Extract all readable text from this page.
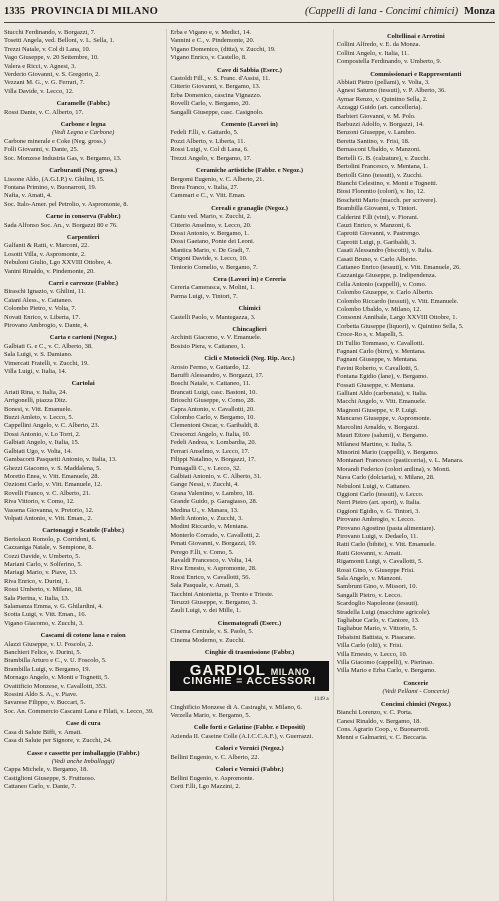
1335 PROVINCIA DI MILANO	(Cappelli di lana - Concimi chimici) Monza
Stucchi Ferdinando, v. Borgazzi, 7.
Tosetti Angela, ved. Belloni, v. L. Sella, 1.
Trezzi Natale, v. Col di Lana, 10.
Vago Giuseppe, v. 20 Settembre, 10.
Valera e Ricci, v. Agnesi, 3.
Verderio Giovanni, v. S. Gregorio, 2.
Vezzani M. G., v. G. Ferrari, 7.
Villa Davide, v. Lecco, 12.
Caramelle (Fabbr.)
Rossi Dante, v. C. Alberto, 17.
Carbone e legna
(Vedi Legna e Carbone)
Carbone minerale e Coke (Neg. gross.)
Folli Giovanni, v. Dante, 25.
Soc. Monzese Industria Gas, v. Bergamo, 13.
Carburanti (Neg. gross.)
Lissone Aldo, (A.G.I.P.) v. Ghilini, 15.
Fontana Primino, v. Buonarroti, 19.
Nafta, v. Amati, 4.
Soc. Italo-Amer. pel Petrolio, v. Aspromonte, 8.
Carne in conserva (Fabbr.)
Sada Alfonso Soc. An., v. Borgazzi 80 e 76.
Carpentieri
Galfanti & Ratti, v. Marconi, 22.
Losotti Villa, v. Aspromonte, 2.
Nebuloni Giulio, Lgo XXVIII Ottobre, 4.
Vanini Rinaldo, v. Pindemonte, 20.
Carri e carrozze (Fabbr.)
Biraschi Ignazio, v. Ghilini, 11.
Caiani Aless., v. Cattaneo.
Colombo Pietro, v. Volta, 7.
Novati Enrico, v. Liberta, 17.
Pirovano Ambrogio, v. Dante, 4.
Carta e cartoni (Negoz.)
Galbiati G. e C., v. C. Alberto, 38.
Sala Luigi, v. S. Damiano.
Vimercati Fratelli, v. Zucchi, 19.
Villa Luigi, v. Italia, 14.
Cartolai
Ariati Rina, v. Italia, 24.
Arrigonelli, piazza Ditz.
Bonesi, v. Vitt. Emanuele.
Buzzi Amleto, v. Lecco, 5.
Cappellini Angelo, v. C. Alberto, 23.
Dossi Antonio, v. Lo Torri, 2.
Galbiati Angelo, v. Italia, 15.
Galbiati Ugo, v. Volta, 14.
Gambacorti Pasquetti Antonio, v. Italia, 13.
Ghezzi Giacomo, v. S. Maddalena, 5.
Moretto Enea, v. Vitt. Emanuele, 28.
Ozziomi Carlo, v. Vitt. Emanuele, 12.
Rovelli Franco, v. C. Alberto, 21.
Riva Vittorio, v. Como, 12.
Vassena Giovanna, v. Pretorio, 12.
Volpati Antonio, v. Vitt. Eman., 2.
Cartonaggi e Scatole (Fabbr.)
Bertolazzi Romolo, p. Corridoni, 6.
Cazzaniga Natale, v. Sempione, 8.
Cozzi Davide, v. Umberto, 5.
Mariani Carlo, v. Solferino, 5.
Mariagi Mario, v. Piave, 13.
Riva Enrico, v. Durini, 1.
Rossi Umberto, v. Milano, 18.
Sala Pierina, v. Italia, 13.
Salamanza Emma, v. G. Ghilardini, 4.
Scotta Luigi, v. Vitt. Eman., 16.
Vigano Giacomo, v. Zucchi, 3.
Cascami di cotone lana e raion
Alazzi Giuseppe, v. U. Foscolo, 2.
Banchieri Felice, v. Durini, 5.
Brambilla Arturo e C., v. U. Foscolo, 5.
Brambilla Luigi, v. Bergamo, 19.
Mornago Angelo, v. Monti e Tognetti, 5.
Ovattificio Monzese, v. Cavallotti, 353.
Rossini Aldo S. A., v. Piave.
Savarese Filippo, v. Buccari, 5.
Soc. An. Commercio Cascami Lana e Filati, v. Lecco, 39.
Case di cura
Casa di Salute Biffi, v. Amati.
Casa di Salute per Signore, v. Zucchi, 24.
Casse e cassette per imballaggio (Fabbr.)
(Vedi anche Imballaggi)
Cappa Michele, v. Bergamo, 18.
Castiglioni Giuseppe, S. Fruttuoso.
Cattaneo Carlo, v. Dante, 7.
Erba e Vigano e, v. Medici, 14.
Vannini e C., v. Pindemonte, 20.
Vigano Domenico, (ditta), v. Zucchi, 19.
Vigano Enrico, v. Castello, 8.
Cave di Sabbia (Eserc.)
Castoldi Fill., v. S. Franc. d'Assisi, 11.
Citterio Giovanni, v. Bergamo, 13.
Erba Domenico, cascina Vignazzo.
Rovelli Carlo, v. Bergamo, 20.
Sangalli Giuseppe, casc. Casignolo.
Cemento (Lavori in)
Fedeli F.lli, v. Gattardo, 5.
Pozzi Alberto, v. Liberta, 11.
Rossi Luigi, v. Col di Lana, 6.
Trezzi Angelo, v. Bergamo, 17.
Ceramiche artistiche (Fabbr. e Negoz.)
Bergomi Eugenio, v. C. Alberto, 21.
Brera Franco, v. Italia, 27.
Cammari e C., v. Vitt. Eman.
Cereali e granaglie (Negoz.)
Cantu ved. Mario, v. Zucchi, 2.
Citterio Anselmo, v. Lecco, 20.
Dossi Antonio, v. Bergamo, 1.
Dossi Gaetano, Ponte dei Leoni.
Mantica Mario, v. De Gradi, 7.
Origoni Davide, v. Lecco, 10.
Tentorio Cornelio, v. Bergamo, 7.
Cera (Lavori in) e Cereria
Cereria Camerasca, v. Molini, 1.
Parma Luigi, v. Tintori, 7.
Chimici
Castelli Paolo, v. Mantegazza, 3.
Chincaglieri
Archinti Giacomo, v. V. Emanuele.
Bosisio Piera, v. Cattaneo, 1.
Cicli e Motocicli (Neg. Rip. Acc.)
Arosio Fermo, v. Gattardo, 12.
Baruffi Alessandro, v. Borgazzi, 17.
Boschi Natale, v. Cattaneo, 11.
Brancati Luigi, casc. Bastoni, 10.
Brioschi Giuseppe, v. Como, 28.
Capra Antonio, v. Cavallotti, 20.
Colombo Carlo, v. Bergamo, 10.
Clementoni Oscar, v. Garibaldi, 8.
Crescenzi Angelo, v. Italia, 10.
Fedeli Andrea, v. Lombardia, 20.
Ferrari Anselmo, v. Lecco, 17.
Filippi Natalino, v. Borgazzi, 17.
Fumagalli C., v. Lecco, 32.
Galbiati Antonio, v. C. Alberto, 31.
Gange Nessi, v. Zucchi, 4.
Grana Valentino, v. Lambro, 18.
Grande Guido, p. Garagiasso, 28.
Medina U., v. Manara, 13.
Merli Antonio, v. Zucchi, 3.
Modini Riccardo, v. Mentana.
Monterlo Corrado, v. Cavallotti, 2.
Penati Giovanni, v. Borgazzi, 19.
Perego F.lli, v. Como, 5.
Ravaldi Francesco, v. Volta, 14.
Riva Ernesto, v. Aspromonte, 28.
Rossi Enrico, v. Cavallotti, 56.
Sala Pasquale, v. Amati, 3.
Tacchini Antonietta, p. Trento e Trieste.
Teruzzi Giuseppe, v. Bergamo, 3.
Zauli Luigi, v. dei Mille, 1.
Cinematografi (Eserc.)
Cinema Centrale, v. S. Paolo, 5.
Cinema Moderno, v. Zucchi.
Cinghie di trasmissione (Fabbr.)
GARDIOL MILANO
CINGHIE = ACCESSORI
1149 a
Cinghificio Monzese di A. Casiraghi, v. Milano, 6.
Verzella Mario, v. Bergamo, 5.
Colle forti e Gelatine (Fabbr. e Depositi)
Azienda II. Caseine Colle (A.I.C.C.A.F.), v. Guerrazzi.
Colori e Vernici (Negoz.)
Bellini Eugenio, v. C. Alberto, 22.
Colori e Vernici (Fabbr.)
Bellini Eugenio, v. Aspromonte.
Corti F.lli, Lgo Mazzini, 2.
Coltellinai e Arrotini
Collini Alfredo, v. E. da Monza.
Collini Angelo, v. Italia, 11.
Compostella Ferdinando, v. Umberto, 9.
Commissionari e Rappresentanti
Abbiati Pietro (pellami), v. Volta, 3.
Agnesi Saturno (tessuti), v. P. Alberto, 36.
Aymar Renzo, v. Quintino Sella, 2.
Azzaggi Guido (art. cancelleria).
Barbieri Giovanni, v. M. Polo.
Barbuzzi Adolfo, v. Borgazzi, 14.
Benzoni Giuseppe, v. Lambro.
Beretta Santino, v. Frisi, 18.
Bernasconi Ubaldo, v. Manzoni.
Bertelli G. B. (calzature), v. Zucchi.
Bertolini Francesco, v. Mentana, 1.
Bertolli Gino (tessuti), v. Zucchi.
Bianchi Celestino, v. Monti e Tognetti.
Biosi Florentio (colori), v. Ito, 12.
Boschetti Mario (macch. per scrivere).
Brambilla Giovanni, v. Tintori.
Calderini F.lli (vini), v. Fiorani.
Cauzi Enrico, v. Manzoni, 6.
Caprotti Giovanni, v. Pastrengo.
Caprotti Luigi, p. Garibaldi, 3.
Casati Alessandro (biscotti), v. Italia.
Casati Bruno, v. Carlo Alberto.
Cattaneo Enrico (tessuti), v. Vitt. Emanuele, 26.
Cazzaniga Giuseppe, p. Indipendenza.
Cella Antonio (cappelli), v. Como.
Colombo Giuseppe, v. Carlo Alberto.
Colombo Riccardo (tessuti), v. Vitt. Emanuele.
Colombo Ubaldo, v. Milano, 12.
Consonni Annibale, Largo XXVIII Ottobre, 1.
Corbetta Giuseppe (liquori), v. Quintino Sella, 5.
Croce-Ro s, v. Mapelli, 5.
Di Tullio Tommaso, v. Cavallotti.
Fagnani Carlo (birre), v. Mentana.
Fagnani Giuseppe, v. Mentana.
Favini Roberto, v. Cavallotti, 5.
Fontana Egidio (lane), v. Bergamo.
Fossati Giuseppe, v. Mentana.
Galliani Aldo (carbonaia), v. Italia.
Macchi Angelo, v. Vitt. Emanuele.
Magnoni Giuseppe, v. P. Luigi.
Mancarso Giuseppe, v. Aspromonte.
Marcolini Arnaldo, v. Borgazzi.
Mauri Ettore (salumi), v. Bergamo.
Milanesi Martino, v. Italia, 5.
Minorini Mario (cappelli), v. Bergamo.
Montanari Francesco (pasticceria), v. L. Manara.
Morandi Federico (colori anilina), v. Monti.
Nava Carlo (dolciaria), v. Milano, 28.
Nebuloni Luigi, v. Cattaneo.
Oggioni Carlo (tessuti), v. Lecco.
Nerri Pietro (art. sport), v. Italia.
Oggioni Egidio, v. G. Tintori, 3.
Pirovano Ambrogio, v. Lecco.
Pirovano Agostino (pasta alimentare).
Pirovano Luigi, v. Dedaelo, 11.
Ratti Carlo (bibite), v. Vitt. Emanuele.
Ratti Giovanni, v. Amati.
Rigamonti Luigi, v. Cavallotti, 5.
Rossi Gino, v. Giuseppe Frisi.
Sala Angelo, v. Manzoni.
Sambruni Gino, v. Missori, 10.
Sangalli Pietro, v. Lecco.
Scardoglio Napoleone (tessuti).
Stradella Luigi (macchine agricole).
Tagliabue Carlo, v. Cantore, 13.
Tagliabue Mario, v. Vittorio, 5.
Tebaisini Battista, v. Pisacane.
Villa Carlo (olii), v. Frisi.
Villa Ernesto, v. Lecco, 10.
Villa Giacomo (cappelli), v. Pierinao.
Villa Mario e Erba Carlo, v. Bergamo.
Concerie
(Vedi Pellami - Concerie)
Concimi chimici (Negoz.)
Bianchi Lorenzo, v. C. Porta.
Canesi Rinaldo, v. Bergamo, 18.
Cons. Agrario Coop., v. Buonarroti.
Menni e Galmarini, v. C. Beccaria.
